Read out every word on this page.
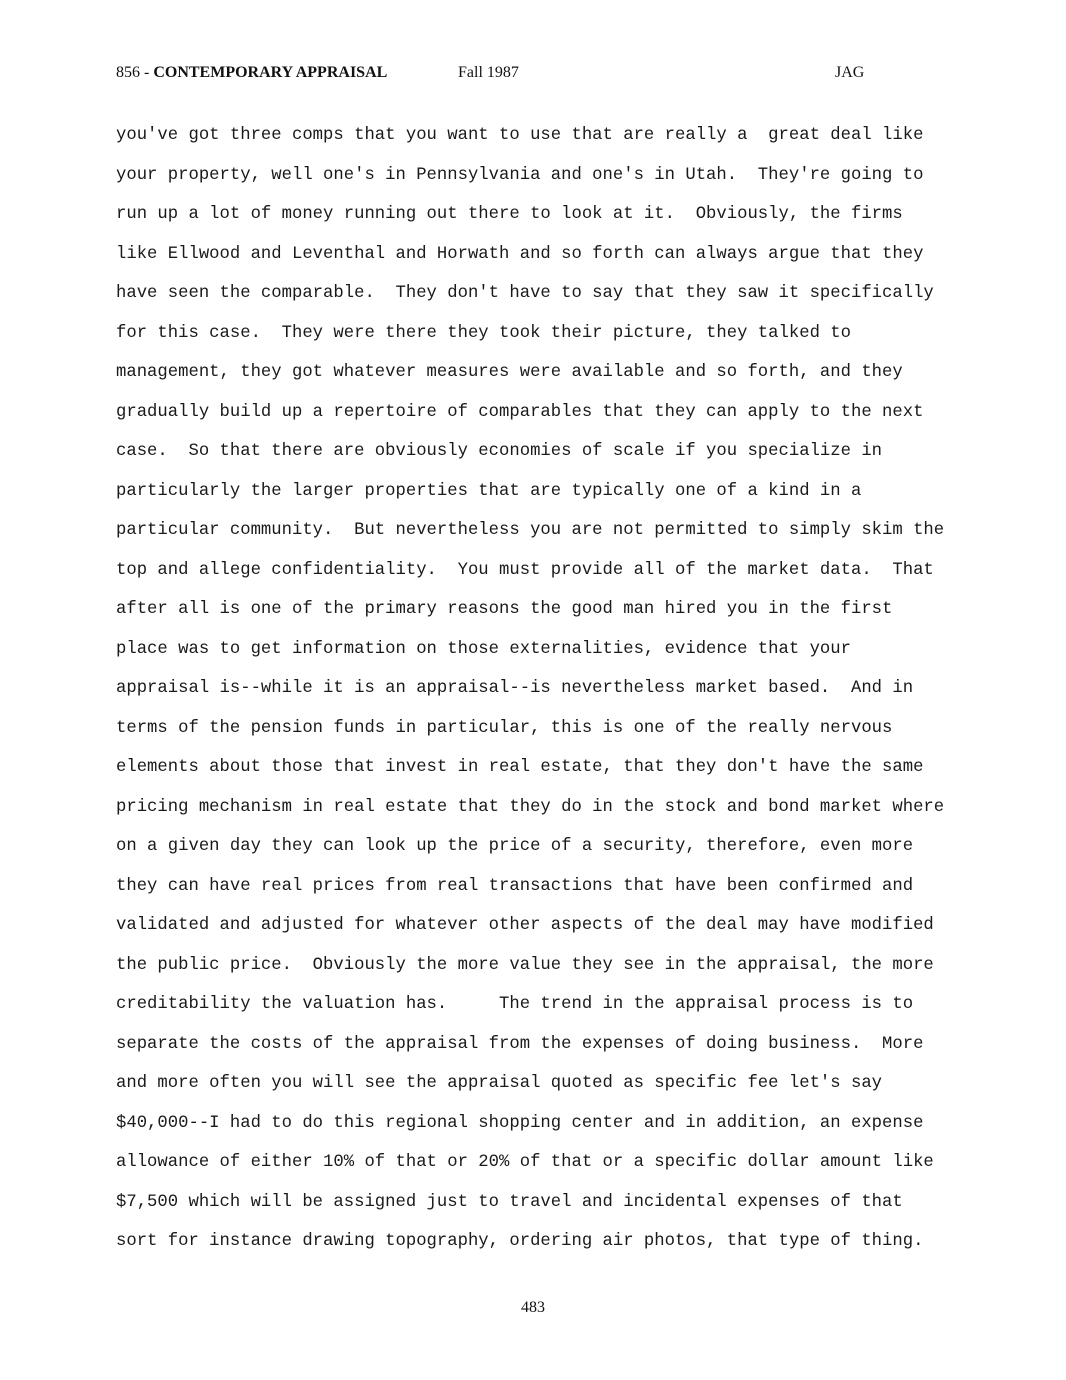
856 - CONTEMPORARY APPRAISAL	Fall 1987	JAG
you've got three comps that you want to use that are really a  great deal like
your property, well one's in Pennsylvania and one's in Utah.  They're going to
run up a lot of money running out there to look at it.  Obviously, the firms
like Ellwood and Leventhal and Horwath and so forth can always argue that they
have seen the comparable.  They don't have to say that they saw it specifically
for this case.  They were there they took their picture, they talked to
management, they got whatever measures were available and so forth, and they
gradually build up a repertoire of comparables that they can apply to the next
case.  So that there are obviously economies of scale if you specialize in
particularly the larger properties that are typically one of a kind in a
particular community.  But nevertheless you are not permitted to simply skim the
top and allege confidentiality.  You must provide all of the market data.  That
after all is one of the primary reasons the good man hired you in the first
place was to get information on those externalities, evidence that your
appraisal is--while it is an appraisal--is nevertheless market based.  And in
terms of the pension funds in particular, this is one of the really nervous
elements about those that invest in real estate, that they don't have the same
pricing mechanism in real estate that they do in the stock and bond market where
on a given day they can look up the price of a security, therefore, even more
they can have real prices from real transactions that have been confirmed and
validated and adjusted for whatever other aspects of the deal may have modified
the public price.  Obviously the more value they see in the appraisal, the more
creditability the valuation has.     The trend in the appraisal process is to
separate the costs of the appraisal from the expenses of doing business.  More
and more often you will see the appraisal quoted as specific fee let's say
$40,000--I had to do this regional shopping center and in addition, an expense
allowance of either 10% of that or 20% of that or a specific dollar amount like
$7,500 which will be assigned just to travel and incidental expenses of that
sort for instance drawing topography, ordering air photos, that type of thing.
483
